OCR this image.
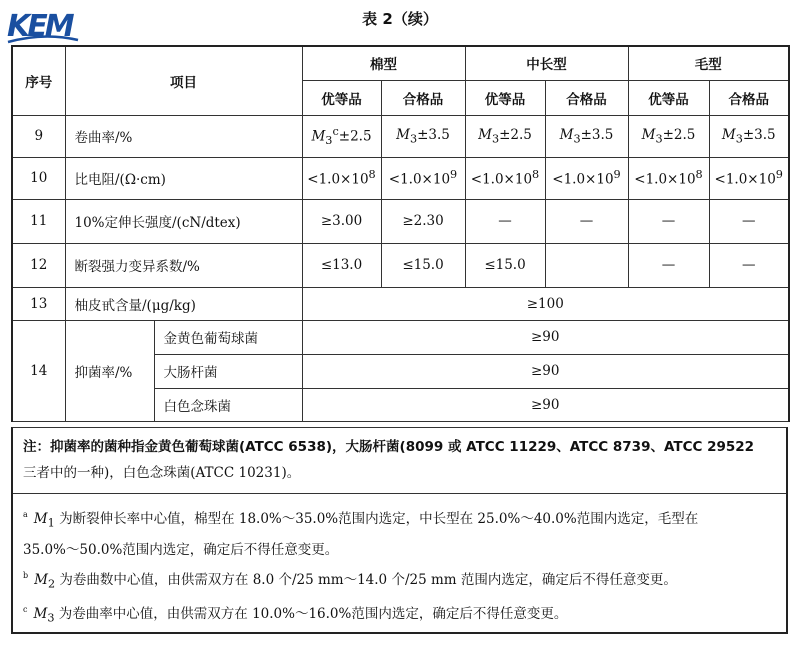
KEM	表 2（续）
序号	项目		棉型		中长型		毛型	
			优等品	合格品	优等品	合格品	优等品	合格品
9	卷曲率/%		$M_3^c\pm 2.5$	$M_3\pm 3.5$	$M_3\pm 2.5$	$M_3\pm 3.5$	$M_3\pm 2.5$	$M_3\pm 3.5$
10	比电阻/(Ω·cm)		$<1.0\times 10^8$	$<1.0\times 10^9$	$<1.0\times 10^8$	$<1.0\times 10^9$	$<1.0\times 10^8$	$<1.0\times 10^9$
11	10%定伸长强度/(cN/dtex)		≥3.00	≥2.30	—	—	—	—
12	断裂强力变异系数/%		≤13.0	≤15.0	≤15.0		—	—
13	柚皮甙含量/(μg/kg)		≥100					
14	抑菌率/%	金黄色葡萄球菌	≥90					
		大肠杆菌	≥90					
		白色念珠菌	≥90					
注：抑菌率的菌种指金黄色葡萄球菌(ATCC 6538)，大肠杆菌(8099 或 ATCC 11229、ATCC 8739、ATCC 29522
三者中的一种)，白色念珠菌(ATCC 10231)。
$^a$ $M_1$ 为断裂伸长率中心值，棉型在 18.0%～35.0%范围内选定，中长型在 25.0%～40.0%范围内选定，毛型在
35.0%～50.0%范围内选定，确定后不得任意变更。
$^b$ $M_2$ 为卷曲数中心值，由供需双方在 8.0 个/25 mm～14.0 个/25 mm 范围内选定，确定后不得任意变更。
$^c$ $M_3$ 为卷曲率中心值，由供需双方在 10.0%～16.0%范围内选定，确定后不得任意变更。
